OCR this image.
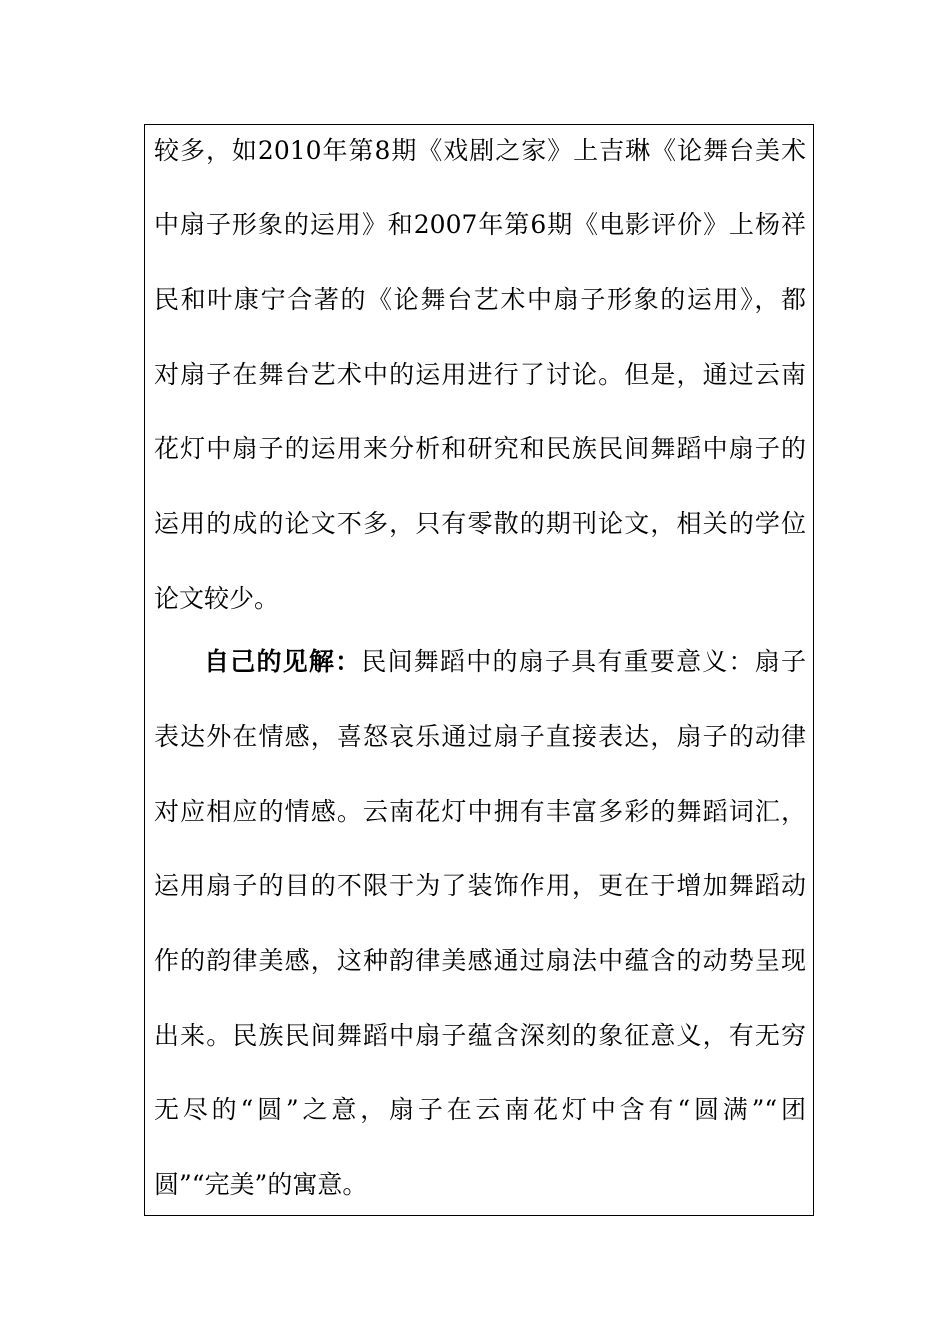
较多，如2010年第8期《戏剧之家》上吉琳《论舞台美术
中扇子形象的运用》和2007年第6期《电影评价》上杨祥
民和叶康宁合著的《论舞台艺术中扇子形象的运用》，都
对扇子在舞台艺术中的运用进行了讨论。但是，通过云南
花灯中扇子的运用来分析和研究和民族民间舞蹈中扇子的
运用的成的论文不多，只有零散的期刊论文，相关的学位
论文较少。
自己的见解：民间舞蹈中的扇子具有重要意义：扇子
表达外在情感，喜怒哀乐通过扇子直接表达，扇子的动律
对应相应的情感。云南花灯中拥有丰富多彩的舞蹈词汇，
运用扇子的目的不限于为了装饰作用，更在于增加舞蹈动
作的韵律美感，这种韵律美感通过扇法中蕴含的动势呈现
出来。民族民间舞蹈中扇子蕴含深刻的象征意义，有无穷
无尽的“圆”之意，扇子在云南花灯中含有“圆满”“团
圆”“完美”的寓意。
